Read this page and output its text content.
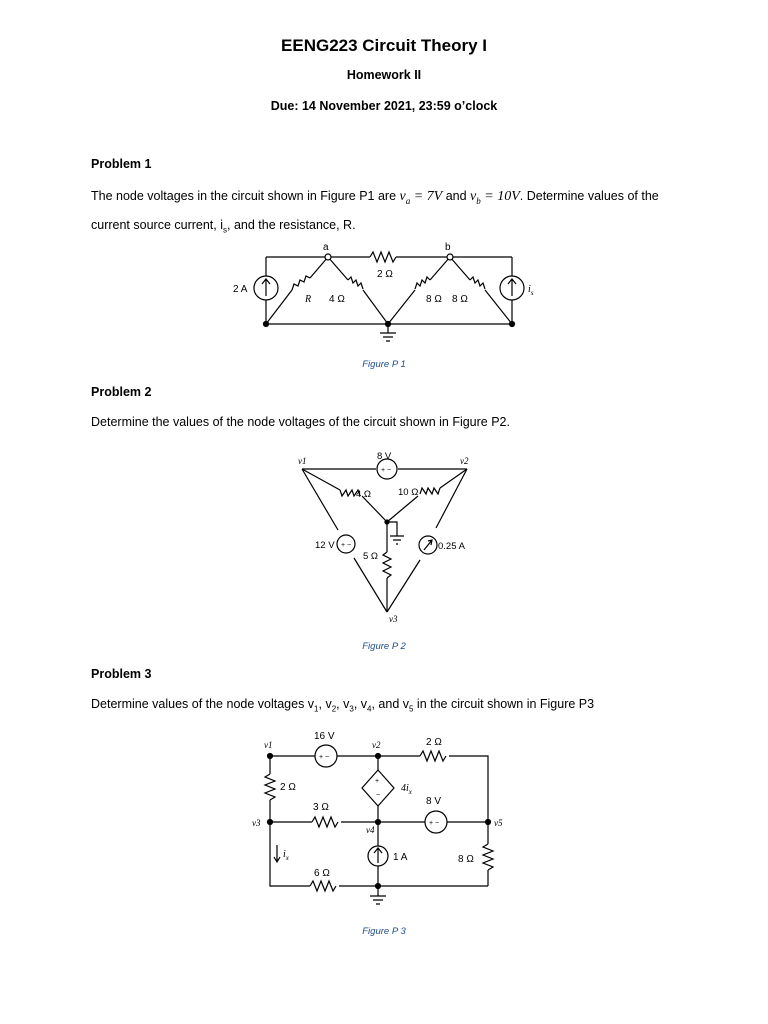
EENG223 Circuit Theory I
Homework II
Due: 14 November 2021, 23:59 o’clock
Problem 1
The node voltages in the circuit shown in Figure P1 are $v_a = 7V$ and $v_b = 10V$. Determine values of the current source current, $i_s$, and the resistance, R.
a	b
2 A
R 4 Ω
2 Ω
8 Ω 8 Ω
$i_s$
Figure P 1
Problem 2
Determine the values of the node voltages of the circuit shown in Figure P2.
+ −
8 V
v1	v2
v3
4 Ω	10 Ω
12 V + −
5 Ω
0.25 A
Figure P 2
Problem 3
Determine values of the node voltages $v_1$, $v_2$, $v_3$, $v_4$, and $v_5$ in the circuit shown in Figure P3
16 V
+ −
v1	v2
v3
v4
v5
2 Ω
2 Ω
+
−
$4i_x$
8 V
+ −
3 Ω
1 A
$i_x$
6 Ω
8 Ω
Figure P 3
